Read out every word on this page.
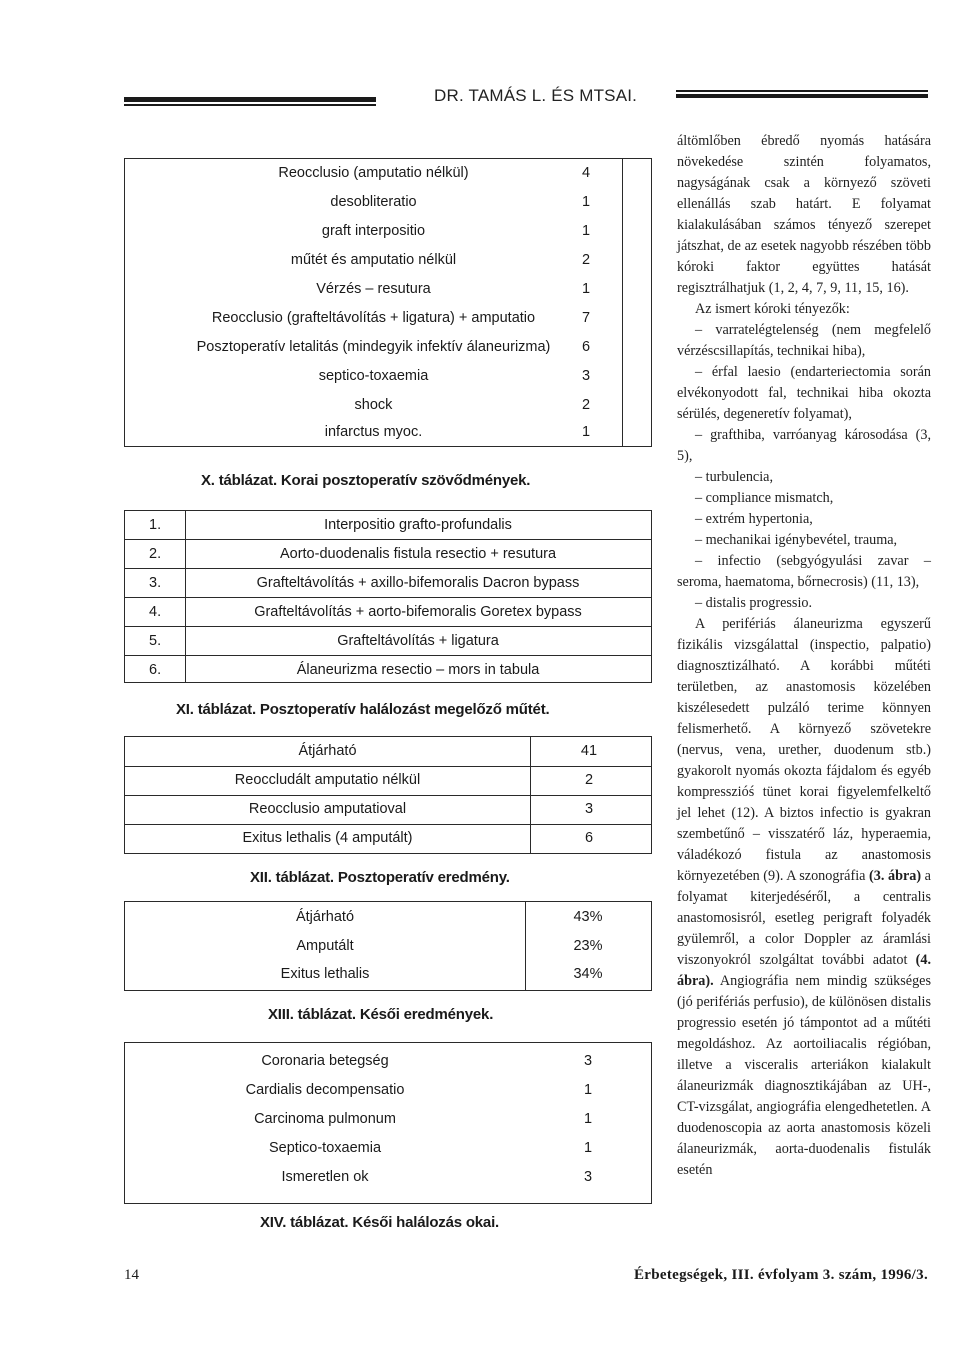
DR. TAMÁS L. ÉS MTSAI.
Reocclusio (amputatio nélkül)	4
desobliteratio	1
graft interpositio	1
műtét és amputatio nélkül	2
Vérzés – resutura	1
Reocclusio (grafteltávolítás + ligatura) + amputatio	7
Posztoperatív letalitás (mindegyik infektív álaneurizma)	6
septico-toxaemia	3
shock	2
infarctus myoc.	1
X. táblázat. Korai posztoperatív szövődmények.
1.	Interpositio grafto-profundalis
2.	Aorto-duodenalis fistula resectio + resutura
3.	Grafteltávolítás + axillo-bifemoralis Dacron bypass
4.	Grafteltávolítás + aorto-bifemoralis Goretex bypass
5.	Grafteltávolítás + ligatura
6.	Álaneurizma resectio – mors in tabula
XI. táblázat. Posztoperatív halálozást megelőző műtét.
Átjárható	41
Reoccludált amputatio nélkül	2
Reocclusio amputatioval	3
Exitus lethalis (4 amputált)	6
XII. táblázat. Posztoperatív eredmény.
Átjárható	43%
Amputált	23%
Exitus lethalis	34%
XIII. táblázat. Késői eredmények.
Coronaria betegség	3
Cardialis decompensatio	1
Carcinoma pulmonum	1
Septico-toxaemia	1
Ismeretlen ok	3
XIV. táblázat. Késői halálozás okai.

áltömlőben ébredő nyomás hatására növekedése szintén folyamatos, nagyságának csak a környező szöveti ellenállás szab határt. E folyamat kialakulásában számos tényező szerepet játszhat, de az esetek nagyobb részében több kóroki faktor együttes hatását regisztrálhatjuk (1, 2, 4, 7, 9, 11, 15, 16).

Az ismert kóroki tényezők:

– varratelégtelenség (nem megfelelő vérzéscsillapítás, technikai hiba),

– érfal laesio (endarteriectomia során elvékonyodott fal, technikai hiba okozta sérülés, degeneretív folyamat),

– grafthiba, varróanyag károsodása (3, 5),

– turbulencia,

– compliance mismatch,

– extrém hypertonia,

– mechanikai igénybevétel, trauma,

– infectio (sebgyógyulási zavar – seroma, haematoma, bőrnecrosis) (11, 13),

– distalis progressio.

A perifériás álaneurizma egyszerű fizikális vizsgálattal (inspectio, palpatio) diagnosztizálható. A korábbi műtéti területben, az anastomosis közelében kiszélesedett pulzáló terime könnyen felismerhető. A környező szövetekre (nervus, vena, urether, duodenum stb.) gyakorolt nyomás okozta fájdalom és egyéb kompresszióś tünet korai figyelemfelkeltő jel lehet (12). A biztos infectio is gyakran szembetűnő – visszatérő láz, hyperaemia, váladékozó fistula az anastomosis környezetében (9). A szonográfia (3. ábra) a folyamat kiterjedéséről, a centralis anastomosisról, esetleg perigraft folyadék gyülemről, a color Doppler az áramlási viszonyokról szolgáltat további adatot (4. ábra). Angiográfia nem mindig szükséges (jó perifériás perfusio), de különösen distalis progressio esetén jó támpontot ad a műtéti megoldáshoz. Az aortoiliacalis régióban, illetve a visceralis arteriákon kialakult álaneurizmák diagnosztikájában az UH-, CT-vizsgálat, angiográfia elengedhetetlen. A duodenoscopia az aorta anastomosis közeli álaneurizmák, aorta-duodenalis fistulák esetén

14	Érbetegségek, III. évfolyam 3. szám, 1996/3.
